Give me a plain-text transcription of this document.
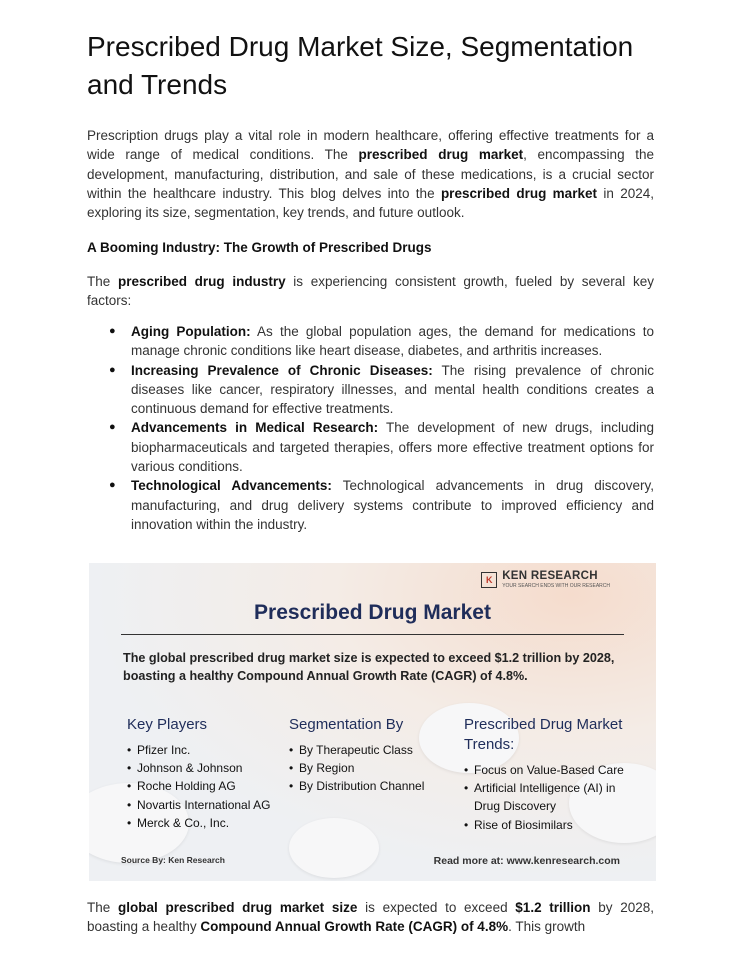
Prescribed Drug Market Size, Segmentation and Trends

Prescription drugs play a vital role in modern healthcare, offering effective treatments for a wide range of medical conditions. The prescribed drug market, encompassing the development, manufacturing, distribution, and sale of these medications, is a crucial sector within the healthcare industry. This blog delves into the prescribed drug market in 2024, exploring its size, segmentation, key trends, and future outlook.

A Booming Industry: The Growth of Prescribed Drugs

The prescribed drug industry is experiencing consistent growth, fueled by several key factors:

● Aging Population: As the global population ages, the demand for medications to manage chronic conditions like heart disease, diabetes, and arthritis increases.
● Increasing Prevalence of Chronic Diseases: The rising prevalence of chronic diseases like cancer, respiratory illnesses, and mental health conditions creates a continuous demand for effective treatments.
● Advancements in Medical Research: The development of new drugs, including biopharmaceuticals and targeted therapies, offers more effective treatment options for various conditions.
● Technological Advancements: Technological advancements in drug discovery, manufacturing, and drug delivery systems contribute to improved efficiency and innovation within the industry.

The global prescribed drug market size is expected to exceed $1.2 trillion by 2028, boasting a healthy Compound Annual Growth Rate (CAGR) of 4.8%. This growth

K KEN RESEARCH
YOUR SEARCH ENDS WITH OUR RESEARCH
Prescribed Drug Market
The global prescribed drug market size is expected to exceed $1.2 trillion by 2028, boasting a healthy Compound Annual Growth Rate (CAGR) of 4.8%.
Key Players
• Pfizer Inc.
• Johnson & Johnson
• Roche Holding AG
• Novartis International AG
• Merck & Co., Inc.
Segmentation By
• By Therapeutic Class
• By Region
• By Distribution Channel
Prescribed Drug Market Trends:
• Focus on Value-Based Care
• Artificial Intelligence (AI) in Drug Discovery
• Rise of Biosimilars
Source By: Ken Research	Read more at: www.kenresearch.com
